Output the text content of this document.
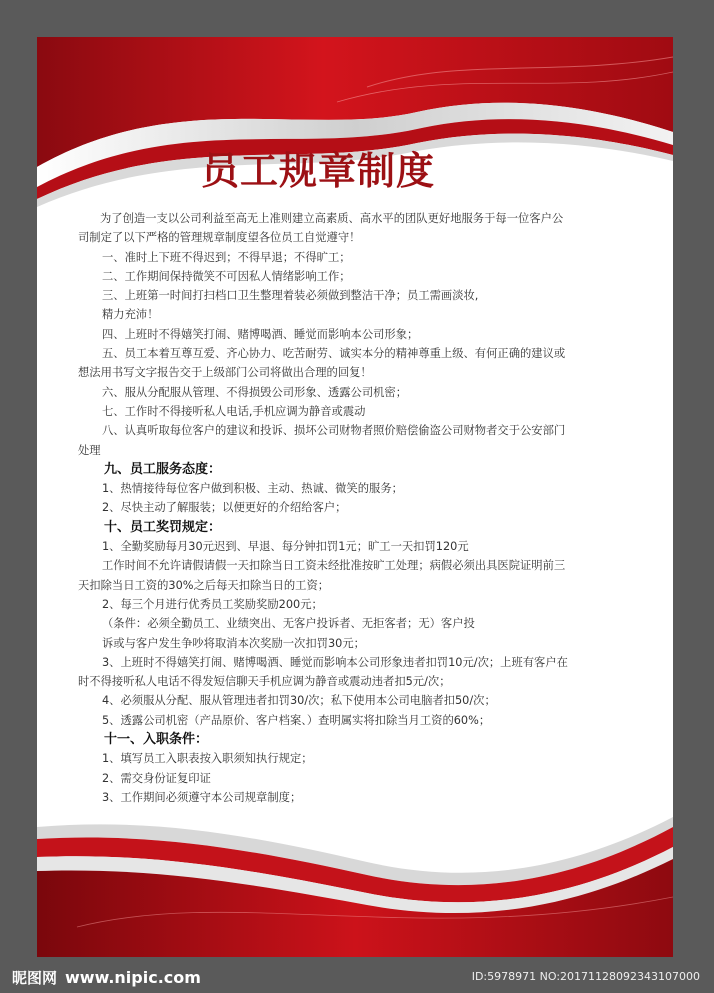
员工规章制度
为了创造一支以公司利益至高无上准则建立高素质、高水平的团队更好地服务于每一位客户公
司制定了以下严格的管理规章制度望各位员工自觉遵守！
一、准时上下班不得迟到；不得早退；不得旷工；
二、工作期间保持微笑不可因私人情绪影响工作；
三、上班第一时间打扫档口卫生整理着装必须做到整洁干净；员工需画淡妆,
精力充沛！
四、上班时不得嬉笑打闹、赌博喝酒、睡觉而影响本公司形象；
五、员工本着互尊互爱、齐心协力、吃苦耐劳、诚实本分的精神尊重上级、有何正确的建议或
想法用书写文字报告交于上级部门公司将做出合理的回复！
六、服从分配服从管理、不得损毁公司形象、透露公司机密；
七、工作时不得接听私人电话,手机应调为静音或震动
八、认真听取每位客户的建议和投诉、损坏公司财物者照价赔偿偷盗公司财物者交于公安部门
处理
九、员工服务态度：
1、热情接待每位客户做到积极、主动、热诚、微笑的服务；
2、尽快主动了解服装；以便更好的介绍给客户；
十、员工奖罚规定：
1、全勤奖励每月30元迟到、早退、每分钟扣罚1元；旷工一天扣罚120元
工作时间不允许请假请假一天扣除当日工资未经批准按旷工处理；病假必须出具医院证明前三
天扣除当日工资的30%之后每天扣除当日的工资；
2、每三个月进行优秀员工奖励奖励200元；
（条件：必须全勤员工、业绩突出、无客户投诉者、无拒客者；无）客户投
诉或与客户发生争吵将取消本次奖励一次扣罚30元；
3、上班时不得嬉笑打闹、赌博喝酒、睡觉而影响本公司形象违者扣罚10元/次；上班有客户在
时不得接听私人电话不得发短信聊天手机应调为静音或震动违者扣5元/次；
4、必须服从分配、服从管理违者扣罚30/次；私下使用本公司电脑者扣50/次；
5、透露公司机密（产品原价、客户档案、）查明属实将扣除当月工资的60%；
十一、入职条件：
1、填写员工入职表按入职须知执行规定；
2、需交身份证复印证
3、工作期间必须遵守本公司规章制度；
昵图网 www.nipic.com	ID:5978971 NO:20171128092343107000
